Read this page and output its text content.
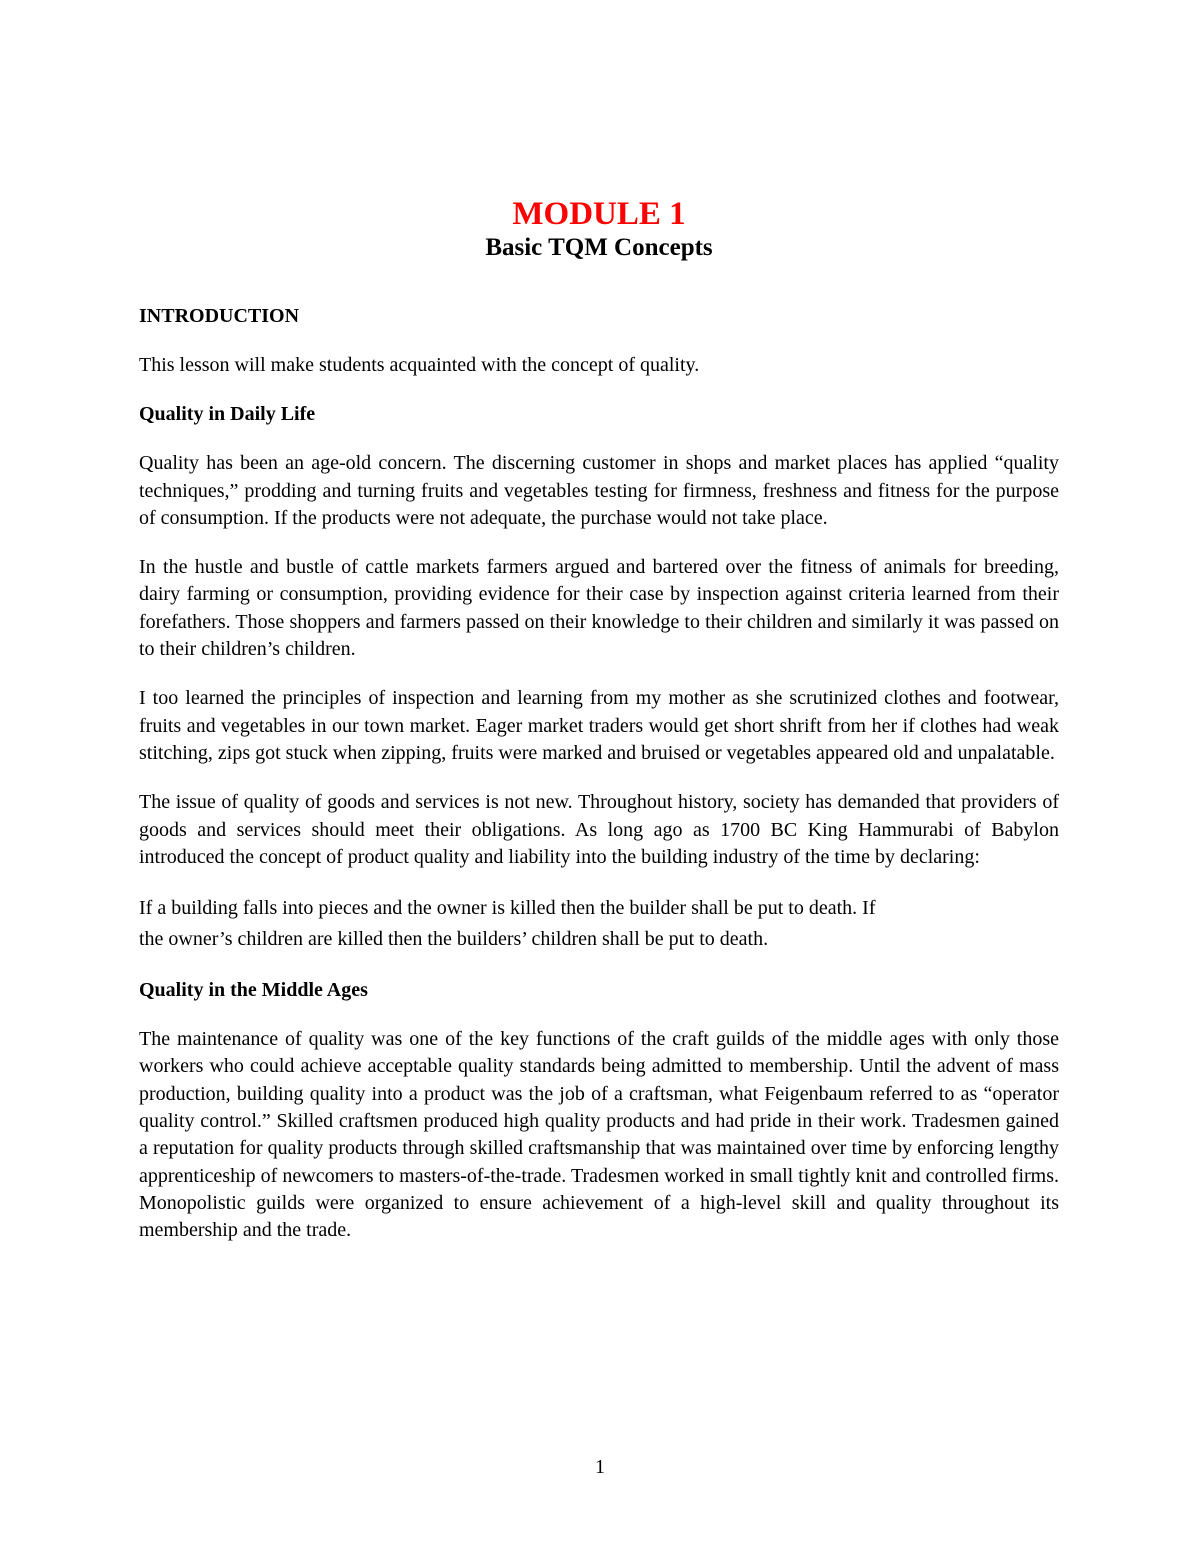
MODULE 1
Basic TQM Concepts
INTRODUCTION

This lesson will make students acquainted with the concept of quality.

Quality in Daily Life

Quality has been an age-old concern. The discerning customer in shops and market places has applied “quality techniques,” prodding and turning fruits and vegetables testing for firmness, freshness and fitness for the purpose of consumption. If the products were not adequate, the purchase would not take place.

In the hustle and bustle of cattle markets farmers argued and bartered over the fitness of animals for breeding, dairy farming or consumption, providing evidence for their case by inspection against criteria learned from their forefathers. Those shoppers and farmers passed on their knowledge to their children and similarly it was passed on to their children’s children.

I too learned the principles of inspection and learning from my mother as she scrutinized clothes and footwear, fruits and vegetables in our town market. Eager market traders would get short shrift from her if clothes had weak stitching, zips got stuck when zipping, fruits were marked and bruised or vegetables appeared old and unpalatable.

The issue of quality of goods and services is not new. Throughout history, society has demanded that providers of goods and services should meet their obligations. As long ago as 1700 BC King Hammurabi of Babylon introduced the concept of product quality and liability into the building industry of the time by declaring:

If a building falls into pieces and the owner is killed then the builder shall be put to death. If
the owner’s children are killed then the builders’ children shall be put to death.
Quality in the Middle Ages

The maintenance of quality was one of the key functions of the craft guilds of the middle ages with only those workers who could achieve acceptable quality standards being admitted to membership. Until the advent of mass production, building quality into a product was the job of a craftsman, what Feigenbaum referred to as “operator quality control.” Skilled craftsmen produced high quality products and had pride in their work. Tradesmen gained a reputation for quality products through skilled craftsmanship that was maintained over time by enforcing lengthy apprenticeship of newcomers to masters-of-the-trade. Tradesmen worked in small tightly knit and controlled firms. Monopolistic guilds were organized to ensure achievement of a high-level skill and quality throughout its membership and the trade.

1
